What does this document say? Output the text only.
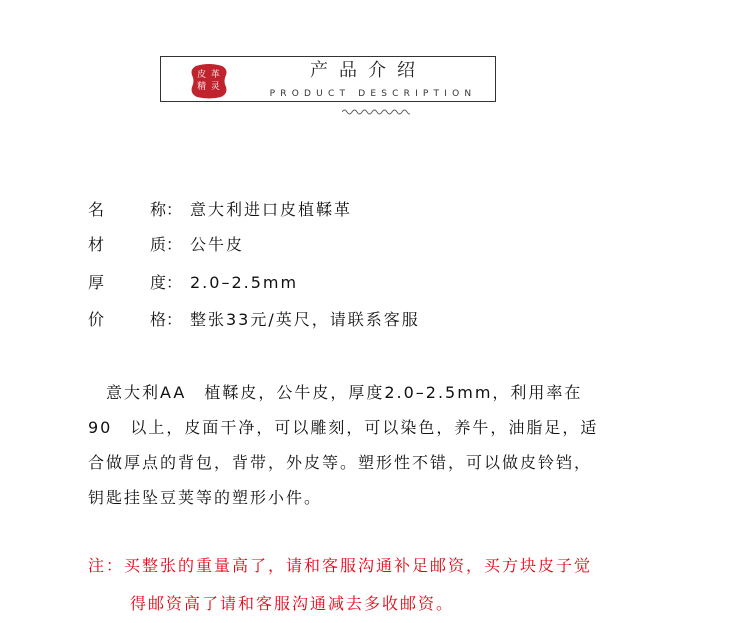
皮 革
精 灵
产品介绍
PRODUCT DESCRIPTION
名	称： 意大利进口皮植鞣革
材	质： 公牛皮
厚	度： 2.0–2.5mm
价	格： 整张33元/英尺，请联系客服
　意大利AA　植鞣皮，公牛皮，厚度2.0–2.5mm，利用率在
90　以上，皮面干净，可以雕刻，可以染色，养牛，油脂足，适
合做厚点的背包，背带，外皮等。塑形性不错，可以做皮铃铛，
钥匙挂坠豆荚等的塑形小件。
注：买整张的重量高了，请和客服沟通补足邮资，买方块皮子觉
得邮资高了请和客服沟通减去多收邮资。
